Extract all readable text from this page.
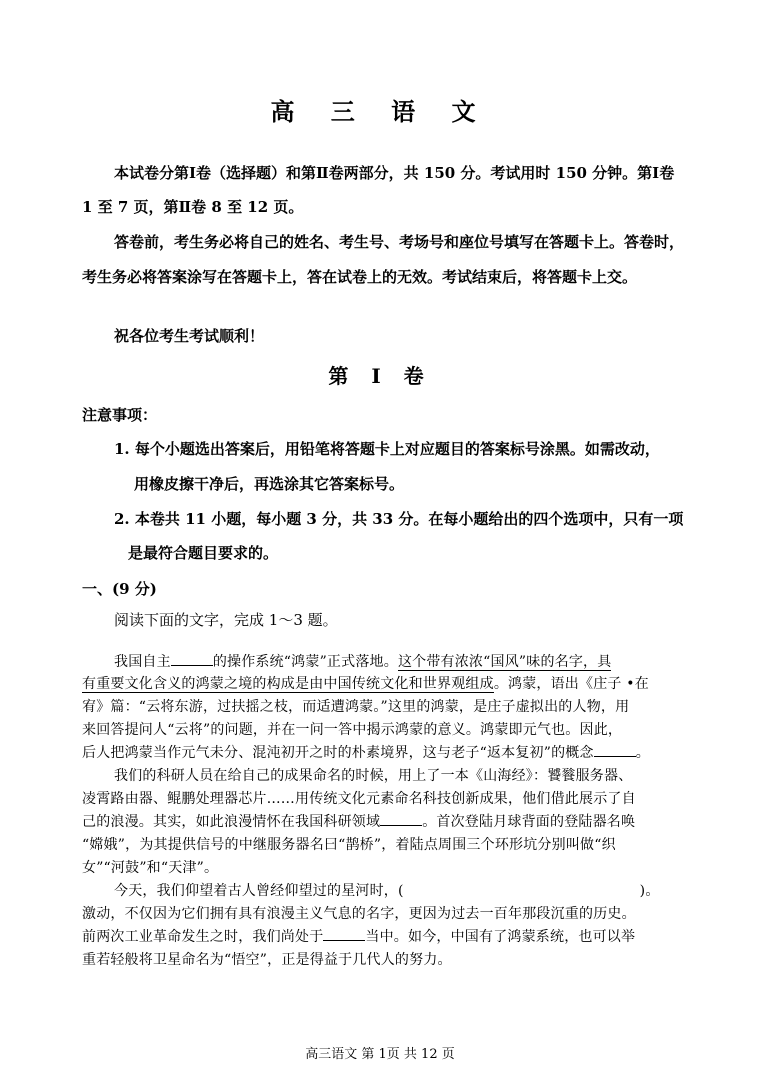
高 三 语 文
本试卷分第Ⅰ卷（选择题）和第Ⅱ卷两部分，共 150 分。考试用时 150 分钟。第Ⅰ卷
1 至 7 页，第Ⅱ卷 8 至 12 页。
答卷前，考生务必将自己的姓名、考生号、考场号和座位号填写在答题卡上。答卷时，
考生务必将答案涂写在答题卡上，答在试卷上的无效。考试结束后，将答题卡上交。
祝各位考生考试顺利！
第 Ⅰ 卷
注意事项：
1. 每个小题选出答案后，用铅笔将答题卡上对应题目的答案标号涂黑。如需改动，
用橡皮擦干净后，再选涂其它答案标号。
2. 本卷共 11 小题，每小题 3 分，共 33 分。在每小题给出的四个选项中，只有一项
是最符合题目要求的。
一、(9 分)
阅读下面的文字，完成 1～3 题。
我国自主	的操作系统“鸿蒙”正式落地。这个带有浓浓“国风”味的名字，具
有重要文化含义的鸿蒙之境的构成是由中国传统文化和世界观组成。鸿蒙，语出《庄子 •在
宥》篇：“云将东游，过扶摇之枝，而适遭鸿蒙。”这里的鸿蒙，是庄子虚拟出的人物，用
来回答提问人“云将”的问题，并在一问一答中揭示鸿蒙的意义。鸿蒙即元气也。因此，
后人把鸿蒙当作元气未分、混沌初开之时的朴素境界，这与老子“返本复初”的概念	。
我们的科研人员在给自己的成果命名的时候，用上了一本《山海经》：饕餮服务器、
凌霄路由器、鲲鹏处理器芯片……用传统文化元素命名科技创新成果，他们借此展示了自
己的浪漫。其实，如此浪漫情怀在我国科研领域	。首次登陆月球背面的登陆器名唤
“嫦娥”，为其提供信号的中继服务器名曰“鹊桥”，着陆点周围三个环形坑分别叫做“织
女”“河鼓”和“天津”。
今天，我们仰望着古人曾经仰望过的星河时，(	)。
激动，不仅因为它们拥有具有浪漫主义气息的名字，更因为过去一百年那段沉重的历史。
前两次工业革命发生之时，我们尚处于	当中。如今，中国有了鸿蒙系统，也可以举
重若轻般将卫星命名为“悟空”，正是得益于几代人的努力。
高三语文 第 1页 共 12 页
